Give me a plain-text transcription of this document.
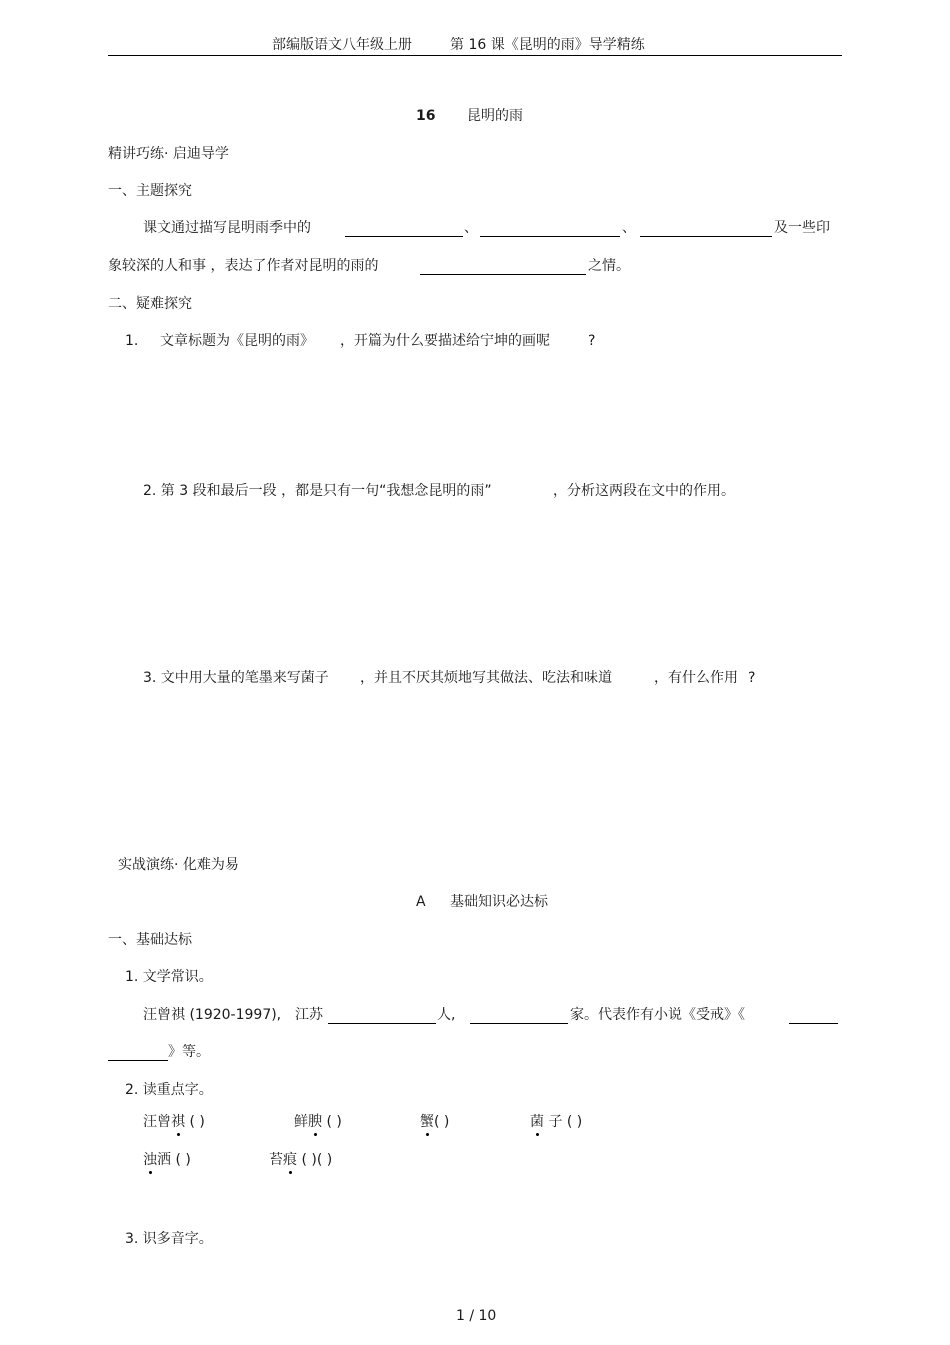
部编版语文八年级上册	第 16 课《昆明的雨》导学精练
16 昆明的雨
精讲巧练· 启迪导学
一、主题探究
课文通过描写昆明雨季中的	、	、	及一些印
象较深的人和事 ，表达了作者对昆明的雨的	之情。
二、疑难探究
1. 文章标题为《昆明的雨》 ，开篇为什么要描述给宁坤的画呢	?
2. 第 3 段和最后一段 ，都是只有一句“我想念昆明的雨”	，分析这两段在文中的作用。
3. 文中用大量的笔墨来写菌子 ，并且不厌其烦地写其做法、吃法和味道	，有什么作用 ?
实战演练· 化难为易
A 基础知识必达标
一、基础达标
1. 文学常识。
汪曾祺 (1920-1997), 江苏	人,	家。代表作有小说《受戒》《
》等。
2. 读重点字。
汪曾祺 ( )	鲜腴 ( )	蟹( )	菌 子 ( )
浊洒 ( )	苔痕 ( )( )
3. 识多音字。
1 / 10
